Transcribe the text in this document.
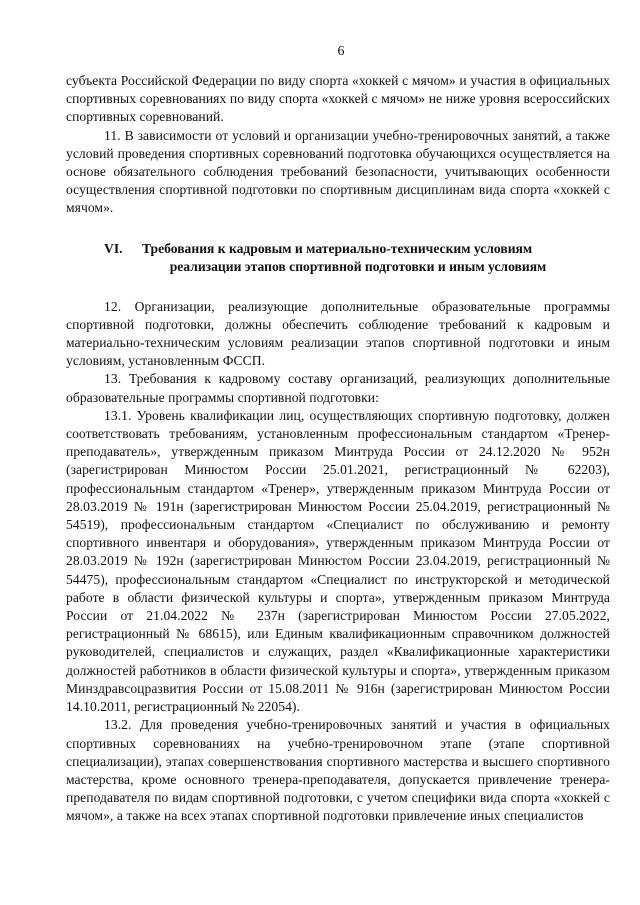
6

субъекта Российской Федерации по виду спорта «хоккей с мячом» и участия в официальных спортивных соревнованиях по виду спорта «хоккей с мячом» не ниже уровня всероссийских спортивных соревнований.

11. В зависимости от условий и организации учебно-тренировочных занятий, а также условий проведения спортивных соревнований подготовка обучающихся осуществляется на основе обязательного соблюдения требований безопасности, учитывающих особенности осуществления спортивной подготовки по спортивным дисциплинам вида спорта «хоккей с мячом».

VI.	Требования к кадровым и материально-техническим условиям
реализации этапов спортивной подготовки и иным условиям

12. Организации, реализующие дополнительные образовательные программы спортивной подготовки, должны обеспечить соблюдение требований к кадровым и материально-техническим условиям реализации этапов спортивной подготовки и иным условиям, установленным ФССП.

13. Требования к кадровому составу организаций, реализующих дополнительные образовательные программы спортивной подготовки:

13.1. Уровень квалификации лиц, осуществляющих спортивную подготовку, должен соответствовать требованиям, установленным профессиональным стандартом «Тренер-преподаватель», утвержденным приказом Минтруда России от 24.12.2020 № 952н (зарегистрирован Минюстом России 25.01.2021, регистрационный № 62203), профессиональным стандартом «Тренер», утвержденным приказом Минтруда России от 28.03.2019 № 191н (зарегистрирован Минюстом России 25.04.2019, регистрационный № 54519), профессиональным стандартом «Специалист по обслуживанию и ремонту спортивного инвентаря и оборудования», утвержденным приказом Минтруда России от 28.03.2019 № 192н (зарегистрирован Минюстом России 23.04.2019, регистрационный № 54475), профессиональным стандартом «Специалист по инструкторской и методической работе в области физической культуры и спорта», утвержденным приказом Минтруда России от 21.04.2022 № 237н (зарегистрирован Минюстом России 27.05.2022, регистрационный № 68615), или Единым квалификационным справочником должностей руководителей, специалистов и служащих, раздел «Квалификационные характеристики должностей работников в области физической культуры и спорта», утвержденным приказом Минздравсоцразвития России от 15.08.2011 № 916н (зарегистрирован Минюстом России 14.10.2011, регистрационный № 22054).

13.2. Для проведения учебно-тренировочных занятий и участия в официальных спортивных соревнованиях на учебно-тренировочном этапе (этапе спортивной специализации), этапах совершенствования спортивного мастерства и высшего спортивного мастерства, кроме основного тренера-преподавателя, допускается привлечение тренера-преподавателя по видам спортивной подготовки, с учетом специфики вида спорта «хоккей с мячом», а также на всех этапах спортивной подготовки привлечение иных специалистов
